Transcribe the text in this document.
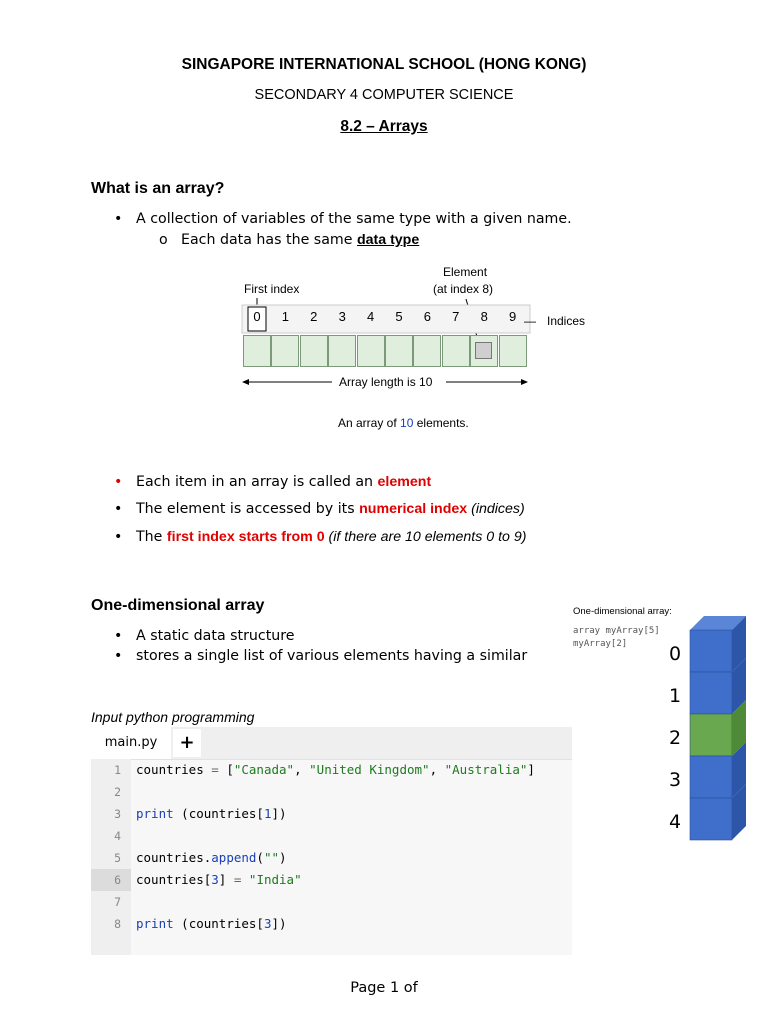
SINGAPORE INTERNATIONAL SCHOOL (HONG KONG)
SECONDARY 4 COMPUTER SCIENCE
8.2 – Arrays
What is an array?
• A collection of variables of the same type with a given name.
o Each data has the same data type
First index
Element
(at index 8)
0	1	2	3	4	5	6	7	8	9 — Indices
Array length is 10
An array of 10 elements.
• Each item in an array is called an element
• The element is accessed by its numerical index (indices)
• The first index starts from 0 (if there are 10 elements 0 to 9)
One-dimensional array
• A static data structure
• stores a single list of various elements having a similar
One-dimensional array:
array myArray[5]
myArray[2] 0
1
2
3
4
Input python programming
main.py	+
1 countries = ["Canada", "United Kingdom", "Australia"]
2
3 print (countries[1])
4
5 countries.append("")
6	countries[3] = "India"
7
8 print (countries[3])
Page 1 of
